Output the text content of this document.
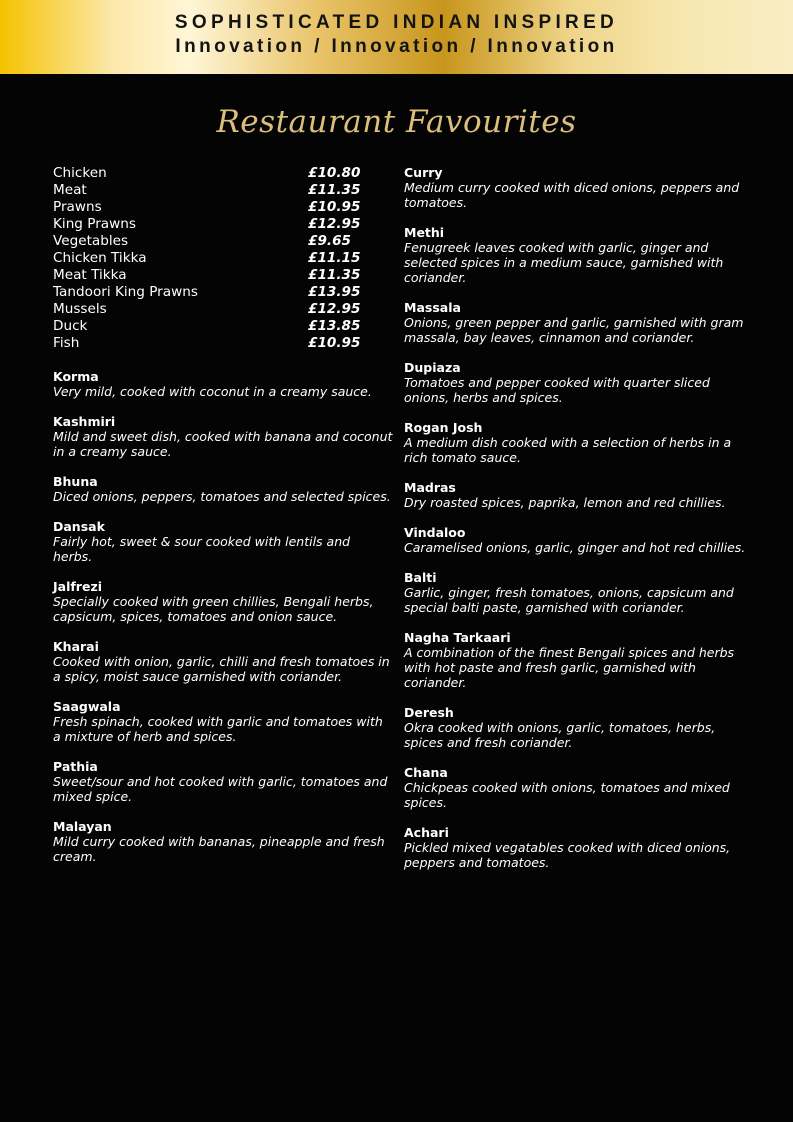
SOPHISTICATED INDIAN INSPIRED
Innovation / Innovation / Innovation
Restaurant Favourites
Chicken	£10.80
Meat	£11.35
Prawns	£10.95
King Prawns	£12.95
Vegetables	£9.65
Chicken Tikka	£11.15
Meat Tikka	£11.35
Tandoori King Prawns	£13.95
Mussels	£12.95
Duck	£13.85
Fish	£10.95
Korma
Very mild, cooked with coconut in a creamy sauce.
Kashmiri
Mild and sweet dish, cooked with banana and coconut in a creamy sauce.
Bhuna
Diced onions, peppers, tomatoes and selected spices.
Dansak
Fairly hot, sweet & sour cooked with lentils and herbs.
Jalfrezi
Specially cooked with green chillies, Bengali herbs, capsicum, spices, tomatoes and onion sauce.
Kharai
Cooked with onion, garlic, chilli and fresh tomatoes in a spicy, moist sauce garnished with coriander.
Saagwala
Fresh spinach, cooked with garlic and tomatoes with a mixture of herb and spices.
Pathia
Sweet/sour and hot cooked with garlic, tomatoes and mixed spice.
Malayan
Mild curry cooked with bananas, pineapple and fresh cream.
Curry
Medium curry cooked with diced onions, peppers and tomatoes.
Methi
Fenugreek leaves cooked with garlic, ginger and selected spices in a medium sauce, garnished with coriander.
Massala
Onions, green pepper and garlic, garnished with gram massala, bay leaves, cinnamon and coriander.
Dupiaza
Tomatoes and pepper cooked with quarter sliced onions, herbs and spices.
Rogan Josh
A medium dish cooked with a selection of herbs in a rich tomato sauce.
Madras
Dry roasted spices, paprika, lemon and red chillies.
Vindaloo
Caramelised onions, garlic, ginger and hot red chillies.
Balti
Garlic, ginger, fresh tomatoes, onions, capsicum and special balti paste, garnished with coriander.
Nagha Tarkaari
A combination of the finest Bengali spices and herbs with hot paste and fresh garlic, garnished with coriander.
Deresh
Okra cooked with onions, garlic, tomatoes, herbs, spices and fresh coriander.
Chana
Chickpeas cooked with onions, tomatoes and mixed spices.
Achari
Pickled mixed vegatables cooked with diced onions, peppers and tomatoes.
